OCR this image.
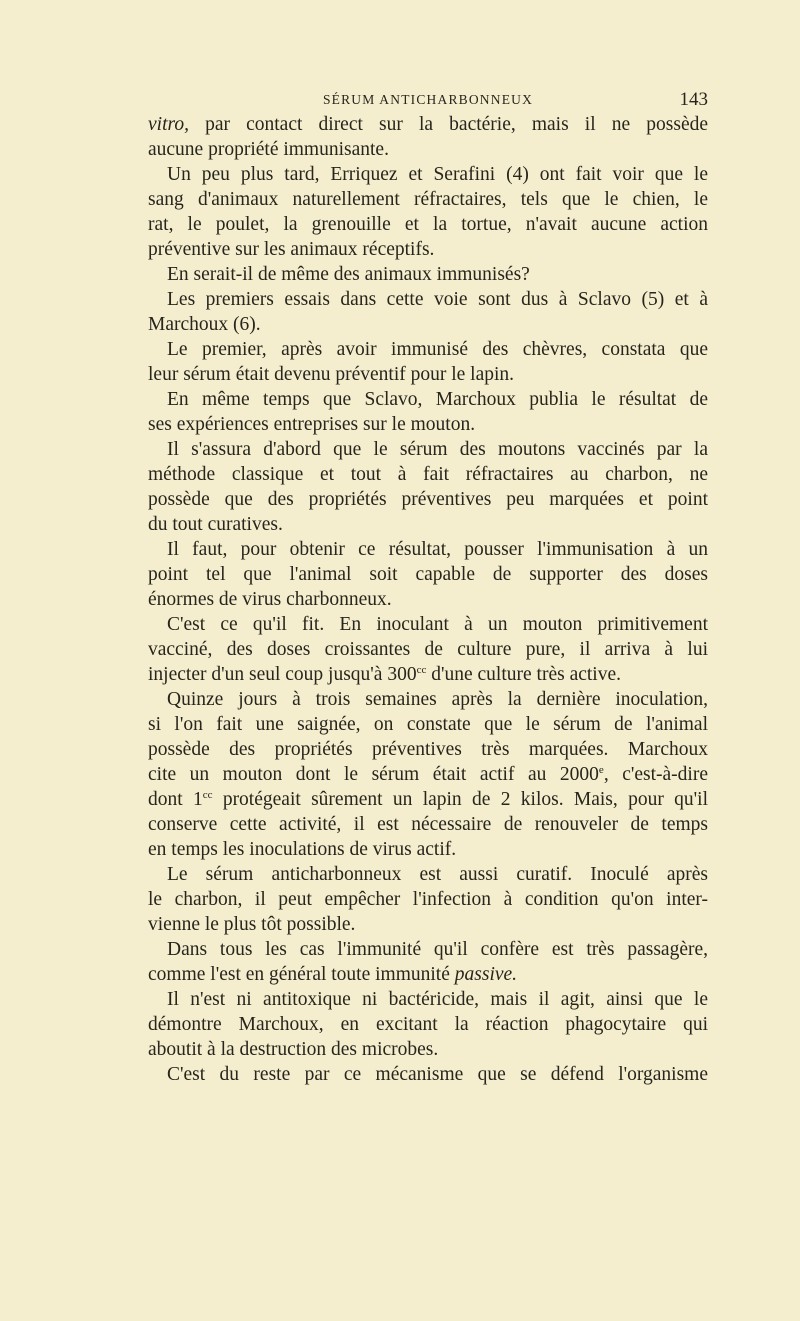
SÉRUM ANTICHARBONNEUX	143
vitro, par contact direct sur la bactérie, mais il ne possède
aucune propriété immunisante.
Un peu plus tard, Erriquez et Serafini (4) ont fait voir que le
sang d'animaux naturellement réfractaires, tels que le chien, le
rat, le poulet, la grenouille et la tortue, n'avait aucune action
préventive sur les animaux réceptifs.
En serait-il de même des animaux immunisés?
Les premiers essais dans cette voie sont dus à Sclavo (5) et à
Marchoux (6).
Le premier, après avoir immunisé des chèvres, constata que
leur sérum était devenu préventif pour le lapin.
En même temps que Sclavo, Marchoux publia le résultat de
ses expériences entreprises sur le mouton.
Il s'assura d'abord que le sérum des moutons vaccinés par la
méthode classique et tout à fait réfractaires au charbon, ne
possède que des propriétés préventives peu marquées et point
du tout curatives.
Il faut, pour obtenir ce résultat, pousser l'immunisation à un
point tel que l'animal soit capable de supporter des doses
énormes de virus charbonneux.
C'est ce qu'il fit. En inoculant à un mouton primitivement
vacciné, des doses croissantes de culture pure, il arriva à lui
injecter d'un seul coup jusqu'à $300^{cc}$ d'une culture très active.
Quinze jours à trois semaines après la dernière inoculation,
si l'on fait une saignée, on constate que le sérum de l'animal
possède des propriétés préventives très marquées. Marchoux
cite un mouton dont le sérum était actif au 2000e, c'est-à-dire
dont $1^{cc}$ protégeait sûrement un lapin de 2 kilos. Mais, pour qu'il
conserve cette activité, il est nécessaire de renouveler de temps
en temps les inoculations de virus actif.
Le sérum anticharbonneux est aussi curatif. Inoculé après
le charbon, il peut empêcher l'infection à condition qu'on inter-
vienne le plus tôt possible.
Dans tous les cas l'immunité qu'il confère est très passagère,
comme l'est en général toute immunité passive.
Il n'est ni antitoxique ni bactéricide, mais il agit, ainsi que le
démontre Marchoux, en excitant la réaction phagocytaire qui
aboutit à la destruction des microbes.
C'est du reste par ce mécanisme que se défend l'organisme
